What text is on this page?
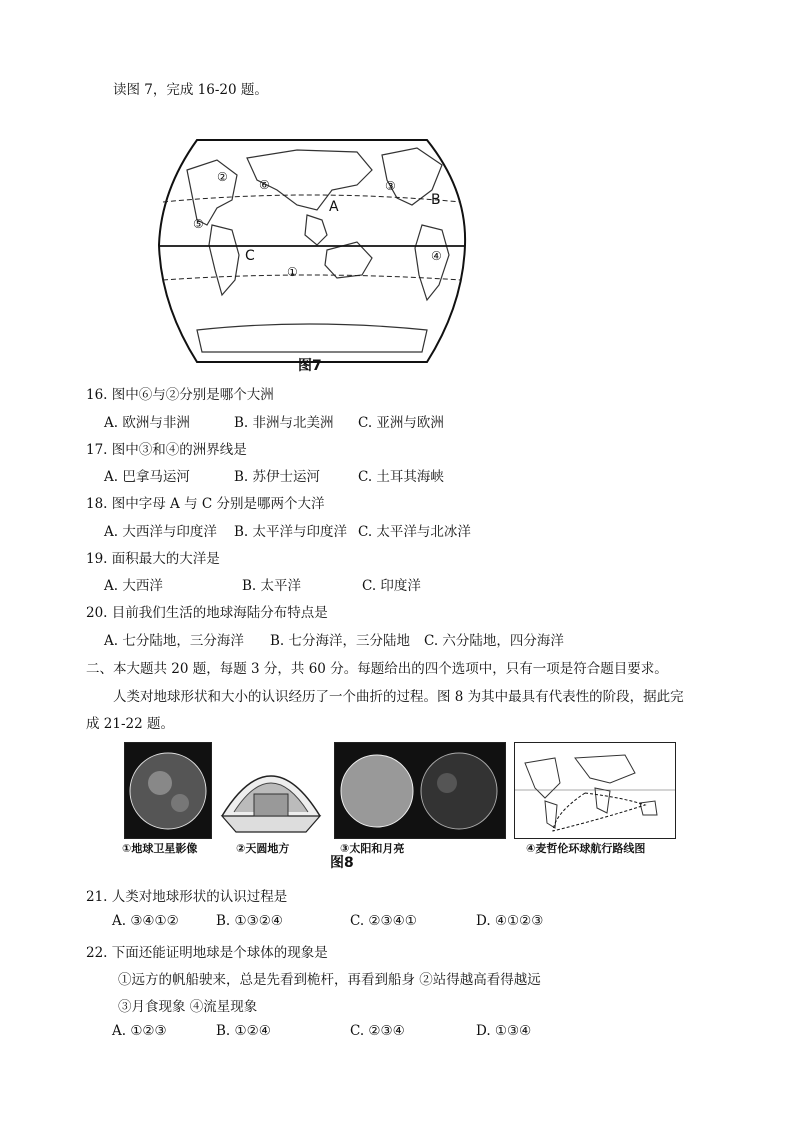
读图 7，完成 16-20 题。
②
⑥	③
⑤
①
④
A	B
C
图7
16. 图中⑥与②分别是哪个大洲
A. 欧洲与非洲	B. 非洲与北美洲 C. 亚洲与欧洲
17. 图中③和④的洲界线是
A. 巴拿马运河	B. 苏伊士运河	C. 土耳其海峡
18. 图中字母 A 与 C 分别是哪两个大洋
A. 大西洋与印度洋 B. 太平洋与印度洋 C. 太平洋与北冰洋
19. 面积最大的大洋是
A. 大西洋	B. 太平洋	C. 印度洋
20. 目前我们生活的地球海陆分布特点是
A. 七分陆地，三分海洋 B. 七分海洋，三分陆地 C. 六分陆地，四分海洋
二、本大题共 20 题，每题 3 分，共 60 分。每题给出的四个选项中，只有一项是符合题目要求。
人类对地球形状和大小的认识经历了一个曲折的过程。图 8 为其中最具有代表性的阶段，据此完
成 21-22 题。
①地球卫星影像	②天圆地方	③太阳和月亮	④麦哲伦环球航行路线图
图8
21. 人类对地球形状的认识过程是
A. ③④①②	B. ①③②④	C. ②③④①	D. ④①②③
22. 下面还能证明地球是个球体的现象是
①远方的帆船驶来，总是先看到桅杆，再看到船身 ②站得越高看得越远
③月食现象 ④流星现象
A. ①②③	B. ①②④	C. ②③④	D. ①③④
